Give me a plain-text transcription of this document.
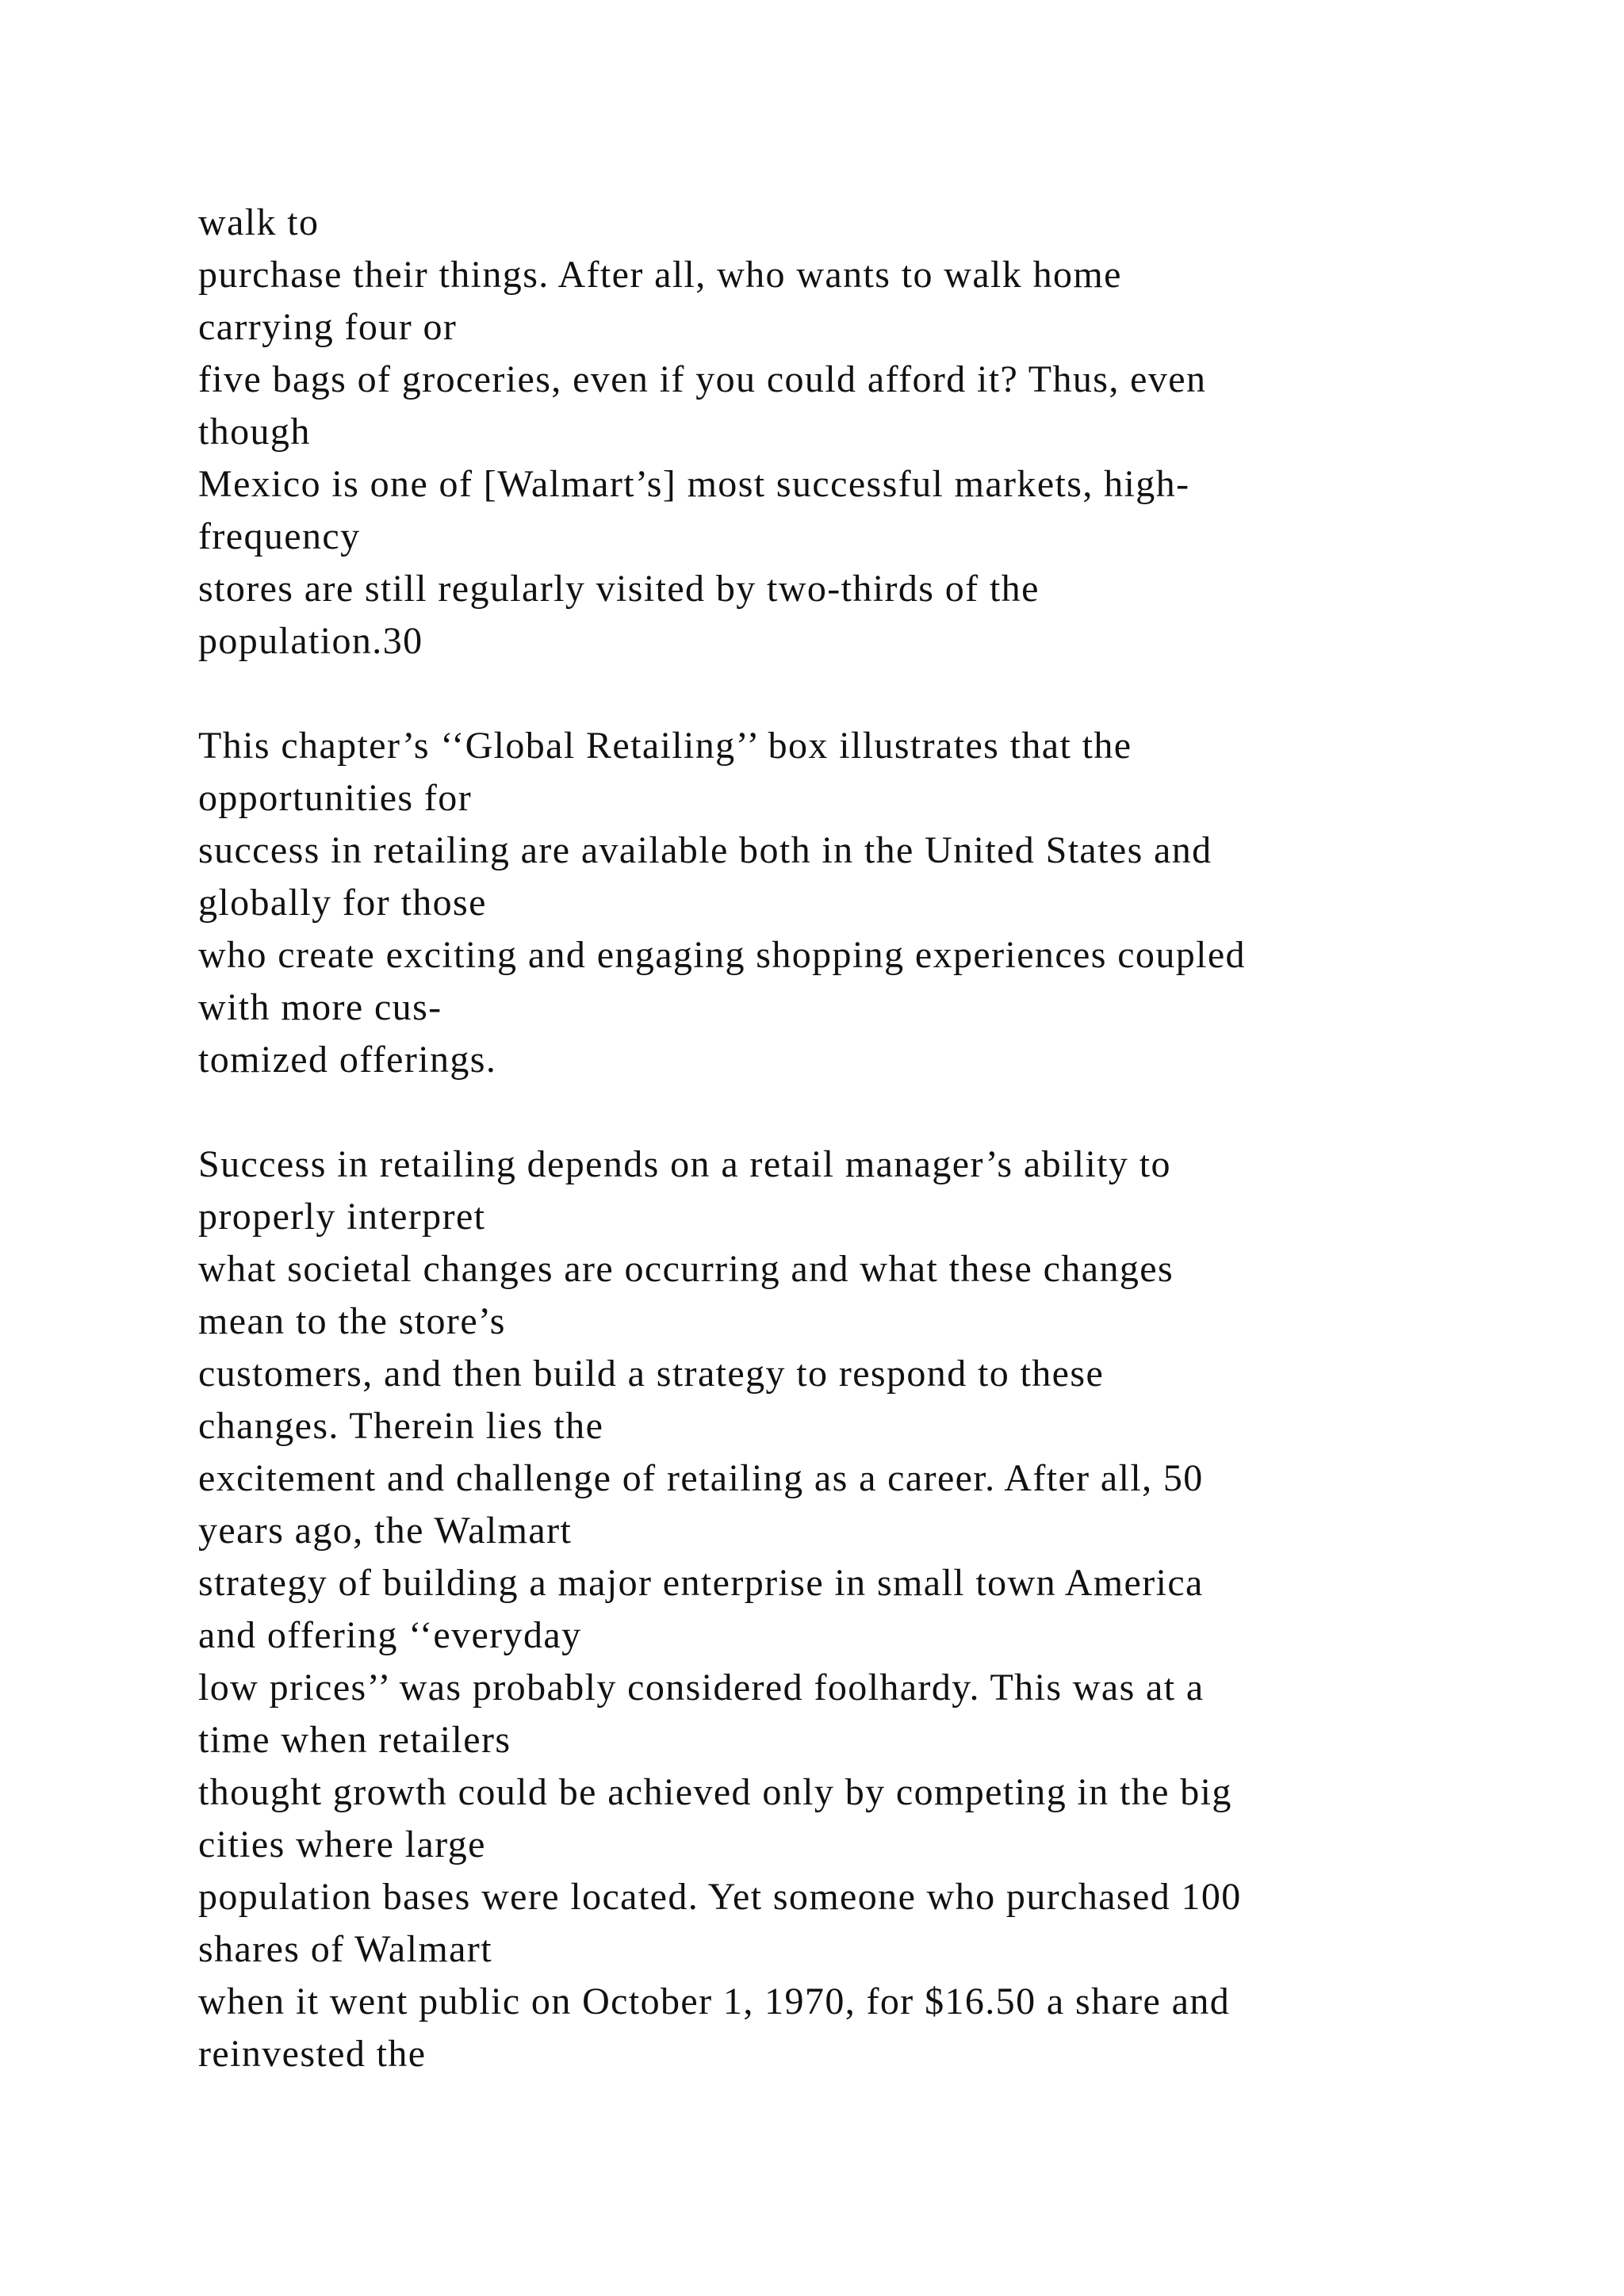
walk to
purchase their things. After all, who wants to walk home
carrying four or
five bags of groceries, even if you could afford it? Thus, even
though
Mexico is one of [Walmart’s] most successful markets, high-
frequency
stores are still regularly visited by two-thirds of the
population.30
This chapter’s ‘‘Global Retailing’’ box illustrates that the
opportunities for
success in retailing are available both in the United States and
globally for those
who create exciting and engaging shopping experiences coupled
with more cus-
tomized offerings.
Success in retailing depends on a retail manager’s ability to
properly interpret
what societal changes are occurring and what these changes
mean to the store’s
customers, and then build a strategy to respond to these
changes. Therein lies the
excitement and challenge of retailing as a career. After all, 50
years ago, the Walmart
strategy of building a major enterprise in small town America
and offering ‘‘everyday
low prices’’ was probably considered foolhardy. This was at a
time when retailers
thought growth could be achieved only by competing in the big
cities where large
population bases were located. Yet someone who purchased 100
shares of Walmart
when it went public on October 1, 1970, for $16.50 a share and
reinvested the
